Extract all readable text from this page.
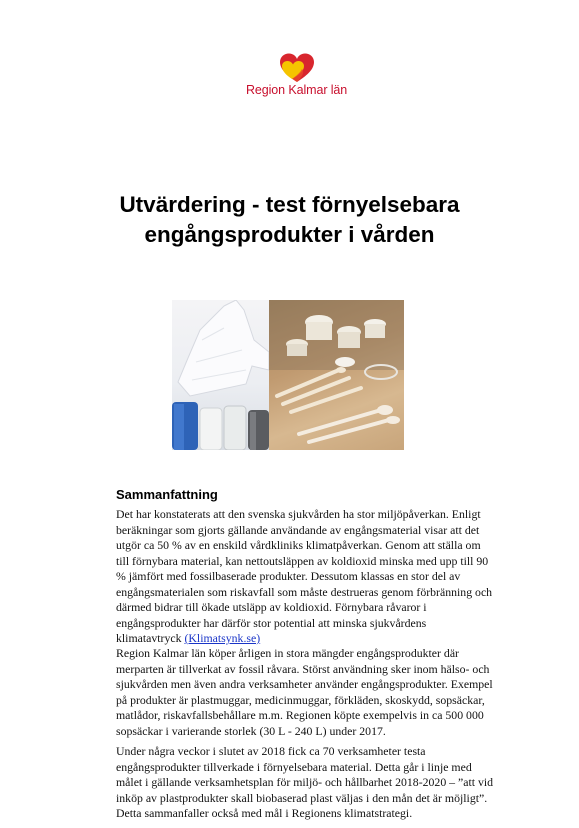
Region Kalmar län
Utvärdering - test förnyelsebara
engångsprodukter i vården
Sammanfattning

Det har konstaterats att den svenska sjukvården ha stor miljöpåverkan. Enligt beräkningar som gjorts gällande användande av engångsmaterial visar att det utgör ca 50 % av en enskild vårdkliniks klimatpåverkan. Genom att ställa om till förnybara material, kan nettoutsläppen av koldioxid minska med upp till 90 % jämfört med fossilbaserade produkter. Dessutom klassas en stor del av engångsmaterialen som riskavfall som måste destrueras genom förbränning och därmed bidrar till ökade utsläpp av koldioxid. Förnybara råvaror i engångsprodukter har därför stor potential att minska sjukvårdens klimatavtryck (Klimatsynk.se)

Region Kalmar län köper årligen in stora mängder engångsprodukter där merparten är tillverkat av fossil råvara. Störst användning sker inom hälso- och sjukvården men även andra verksamheter använder engångsprodukter. Exempel på produkter är plastmuggar, medicinmuggar, förkläden, skoskydd, sopsäckar, matlådor, riskavfallsbehållare m.m. Regionen köpte exempelvis in ca 500 000 sopsäckar i varierande storlek (30 L - 240 L) under 2017.

Under några veckor i slutet av 2018 fick ca 70 verksamheter testa engångsprodukter tillverkade i förnyelsebara material. Detta går i linje med målet i gällande verksamhetsplan för miljö- och hållbarhet 2018-2020 – ”att vid inköp av plastprodukter skall biobaserad plast väljas i den mån det är möjligt”. Detta sammanfaller också med mål i Regionens klimatstrategi.
